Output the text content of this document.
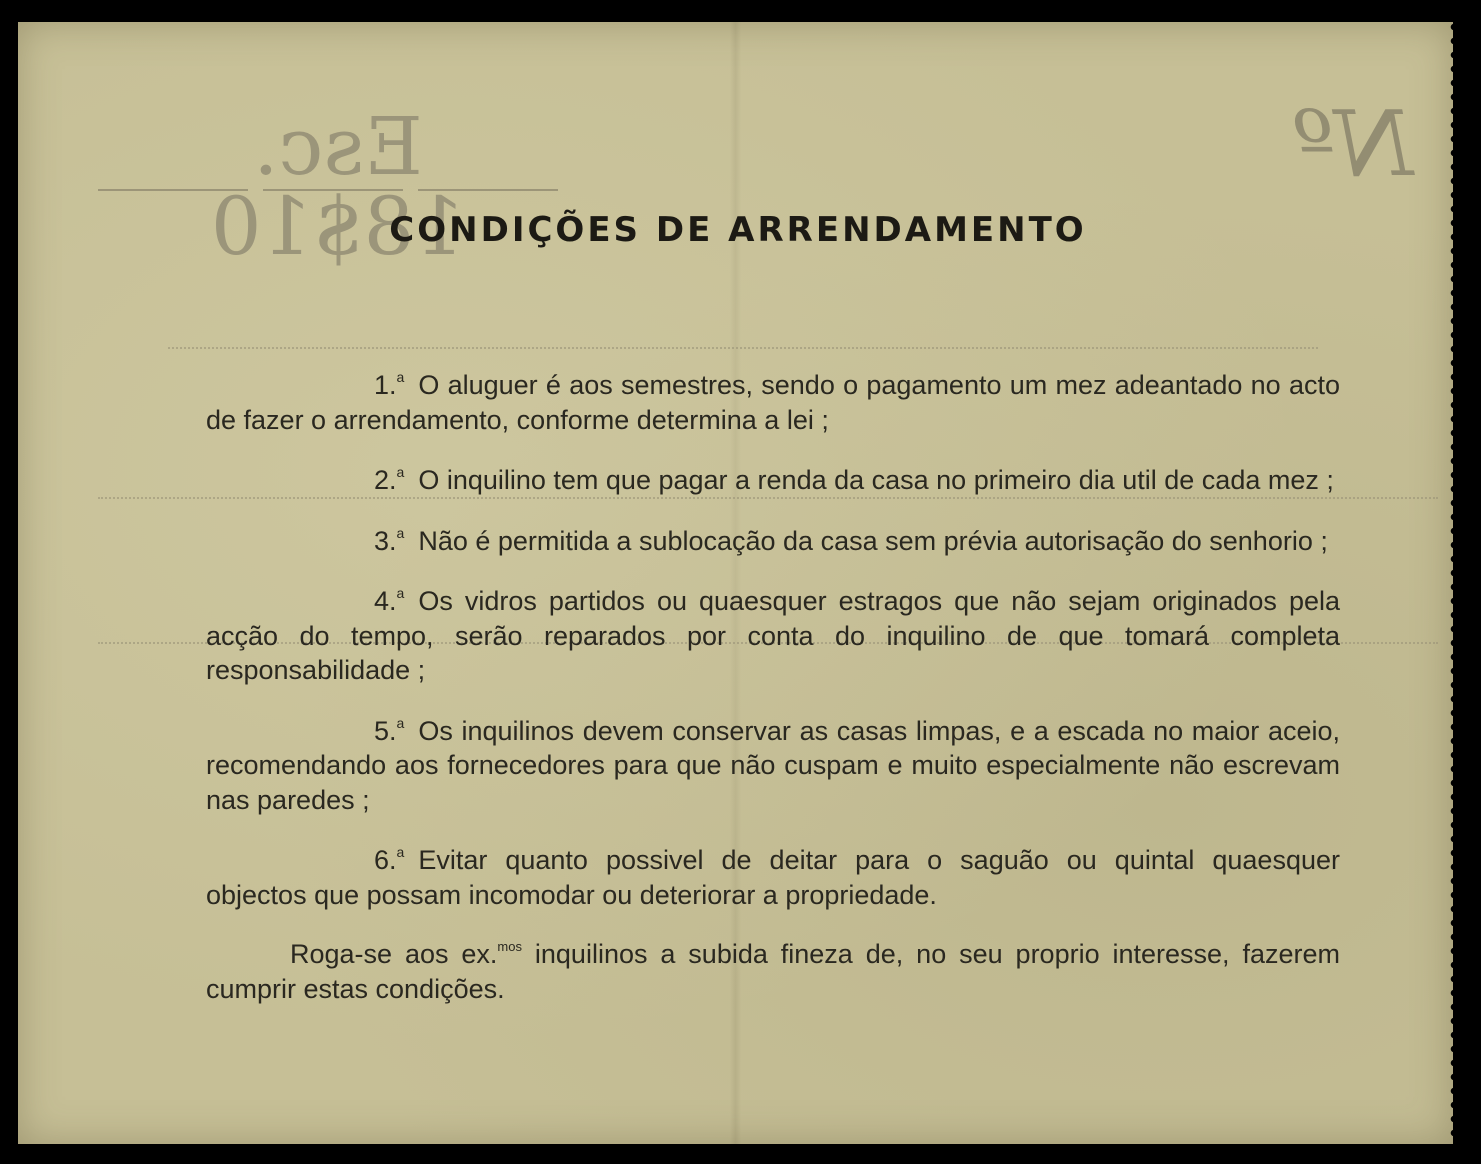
Esc. 18$10
Nº
CONDIÇÕES DE ARRENDAMENTO

1.$^a$ O aluguer é aos semestres, sendo o pagamento um mez adeantado no acto de fazer o arrendamento, conforme determina a lei ;

2.$^a$ O inquilino tem que pagar a renda da casa no primeiro dia util de cada mez ;

3.$^a$ Não é permitida a sublocação da casa sem prévia autorisação do senhorio ;

4.$^a$ Os vidros partidos ou quaesquer estragos que não sejam originados pela acção do tempo, serão reparados por conta do inquilino de que tomará completa responsabilidade ;

5.$^a$ Os inquilinos devem conservar as casas limpas, e a escada no maior aceio, recomendando aos fornecedores para que não cuspam e muito especialmente não escrevam nas paredes ;

6.$^a$ Evitar quanto possivel de deitar para o saguão ou quintal quaesquer objectos que possam incomodar ou deteriorar a propriedade.

Roga-se aos ex.$^{mos}$ inquilinos a subida fineza de, no seu proprio interesse, fazerem cumprir estas condições.
